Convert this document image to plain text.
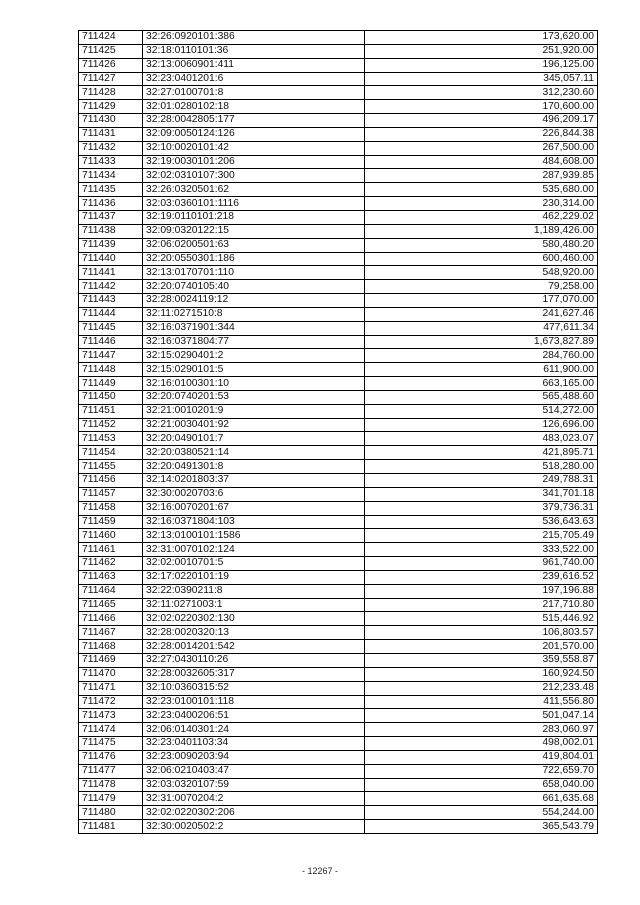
711424	32:26:0920101:386	173,620.00
711425	32:18:0110101:36	251,920.00
711426	32:13:0060901:411	196,125.00
711427	32:23:0401201:6	345,057.11
711428	32:27:0100701:8	312,230.60
711429	32:01:0280102:18	170,600.00
711430	32:28:0042805:177	496,209.17
711431	32:09:0050124:126	226,844.38
711432	32:10:0020101:42	267,500.00
711433	32:19:0030101:206	484,608.00
711434	32:02:0310107:300	287,939.85
711435	32:26:0320501:62	535,680.00
711436	32:03:0360101:1116	230,314.00
711437	32:19:0110101:218	462,229.02
711438	32:09:0320122:15	1,189,426.00
711439	32:06:0200501:63	580,480.20
711440	32:20:0550301:186	600,460.00
711441	32:13:0170701:110	548,920.00
711442	32:20:0740105:40	79,258.00
711443	32:28:0024119:12	177,070.00
711444	32:11:0271510:8	241,627.46
711445	32:16:0371901:344	477,611.34
711446	32:16:0371804:77	1,673,827.89
711447	32:15:0290401:2	284,760.00
711448	32:15:0290101:5	611,900.00
711449	32:16:0100301:10	663,165.00
711450	32:20:0740201:53	565,488.60
711451	32:21:0010201:9	514,272.00
711452	32:21:0030401:92	126,696.00
711453	32:20:0490101:7	483,023.07
711454	32:20:0380521:14	421,895.71
711455	32:20:0491301:8	518,280.00
711456	32:14:0201803:37	249,788.31
711457	32:30:0020703:6	341,701.18
711458	32:16:0070201:67	379,736.31
711459	32:16:0371804:103	536,643.63
711460	32:13:0100101:1586	215,705.49
711461	32:31:0070102:124	333,522.00
711462	32:02:0010701:5	961,740.00
711463	32:17:0220101:19	239,616.52
711464	32:22:0390211:8	197,196.88
711465	32:11:0271003:1	217,710.80
711466	32:02:0220302:130	515,446.92
711467	32:28:0020320:13	106,803.57
711468	32:28:0014201:542	201,570.00
711469	32:27:0430110:26	359,558.87
711470	32:28:0032605:317	160,924.50
711471	32:10:0360315:52	212,233.48
711472	32:23:0100101:118	411,556.80
711473	32:23:0400206:51	501,047.14
711474	32:06:0140301:24	283,060.97
711475	32:23:0401103:34	498,002.01
711476	32:23:0090203:94	419,804.01
711477	32:06:0210403:47	722,659.70
711478	32:03:0320107:59	658,040.00
711479	32:31:0070204:2	661,635.68
711480	32:02:0220302:206	554,244.00
711481	32:30:0020502:2	365,543.79
- 12267 -
